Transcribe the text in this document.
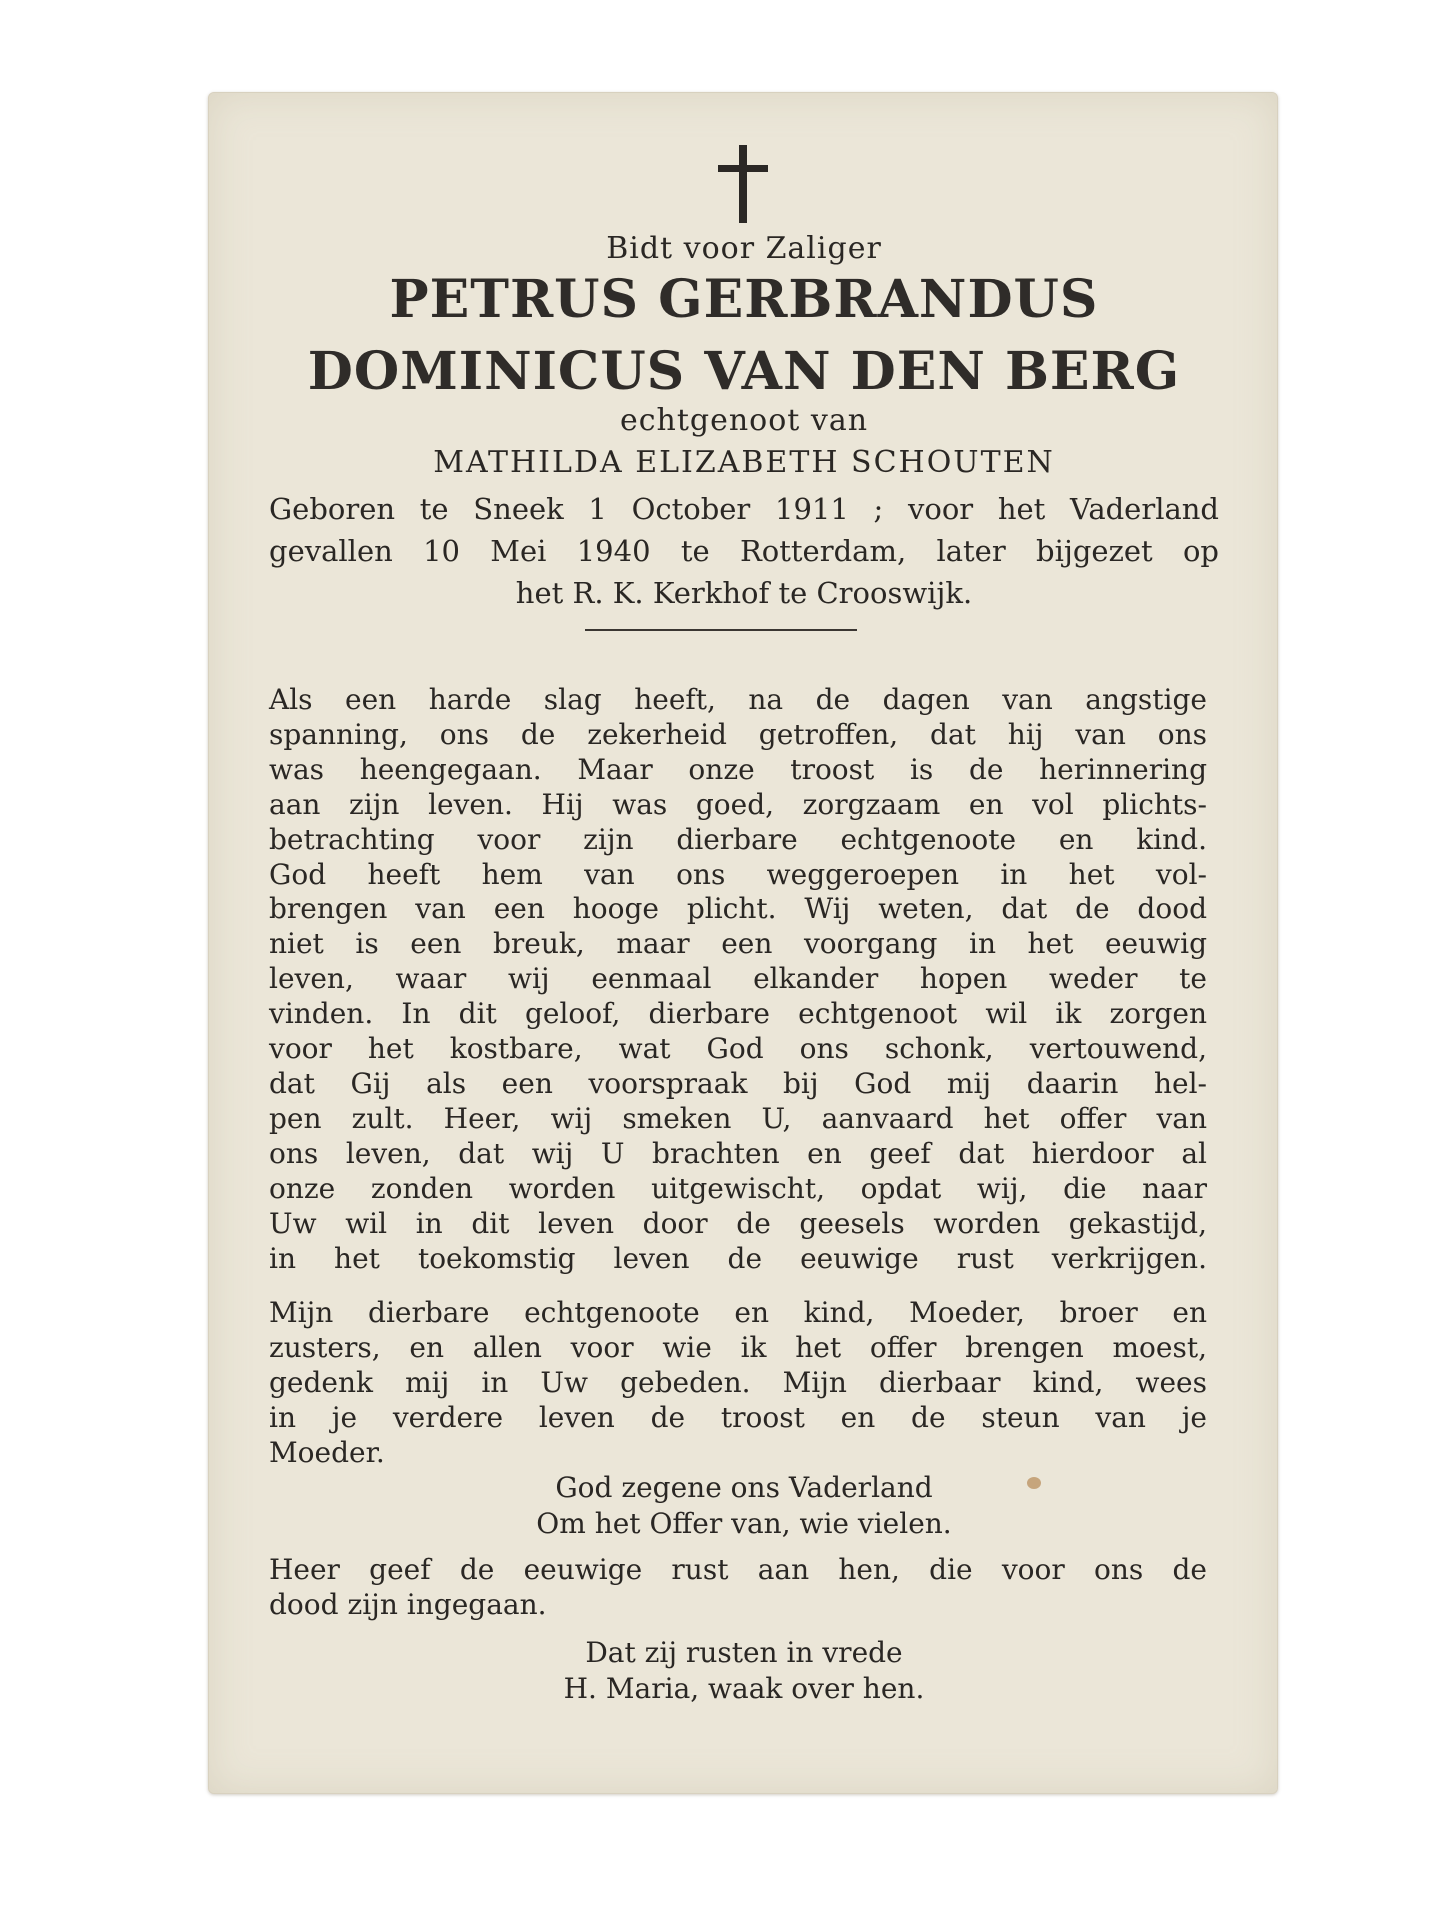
Bidt voor Zaliger
PETRUS GERBRANDUS
DOMINICUS VAN DEN BERG
echtgenoot van
MATHILDA ELIZABETH SCHOUTEN
Geboren te Sneek 1 October 1911 ; voor het Vaderland
gevallen 10 Mei 1940 te Rotterdam, later bijgezet op
het R. K. Kerkhof te Crooswijk.
Als een harde slag heeft, na de dagen van angstige
spanning, ons de zekerheid getroffen, dat hij van ons
was heengegaan. Maar onze troost is de herinnering
aan zijn leven. Hij was goed, zorgzaam en vol plichts-
betrachting voor zijn dierbare echtgenoote en kind.
God heeft hem van ons weggeroepen in het vol-
brengen van een hooge plicht. Wij weten, dat de dood
niet is een breuk, maar een voorgang in het eeuwig
leven, waar wij eenmaal elkander hopen weder te
vinden. In dit geloof, dierbare echtgenoot wil ik zorgen
voor het kostbare, wat God ons schonk, vertouwend,
dat Gij als een voorspraak bij God mij daarin hel-
pen zult. Heer, wij smeken U, aanvaard het offer van
ons leven, dat wij U brachten en geef dat hierdoor al
onze zonden worden uitgewischt, opdat wij, die naar
Uw wil in dit leven door de geesels worden gekastijd,
in het toekomstig leven de eeuwige rust verkrijgen.
Mijn dierbare echtgenoote en kind, Moeder, broer en
zusters, en allen voor wie ik het offer brengen moest,
gedenk mij in Uw gebeden. Mijn dierbaar kind, wees
in je verdere leven de troost en de steun van je
Moeder.
God zegene ons Vaderland
Om het Offer van, wie vielen.
Heer geef de eeuwige rust aan hen, die voor ons de
dood zijn ingegaan.
Dat zij rusten in vrede
H. Maria, waak over hen.
